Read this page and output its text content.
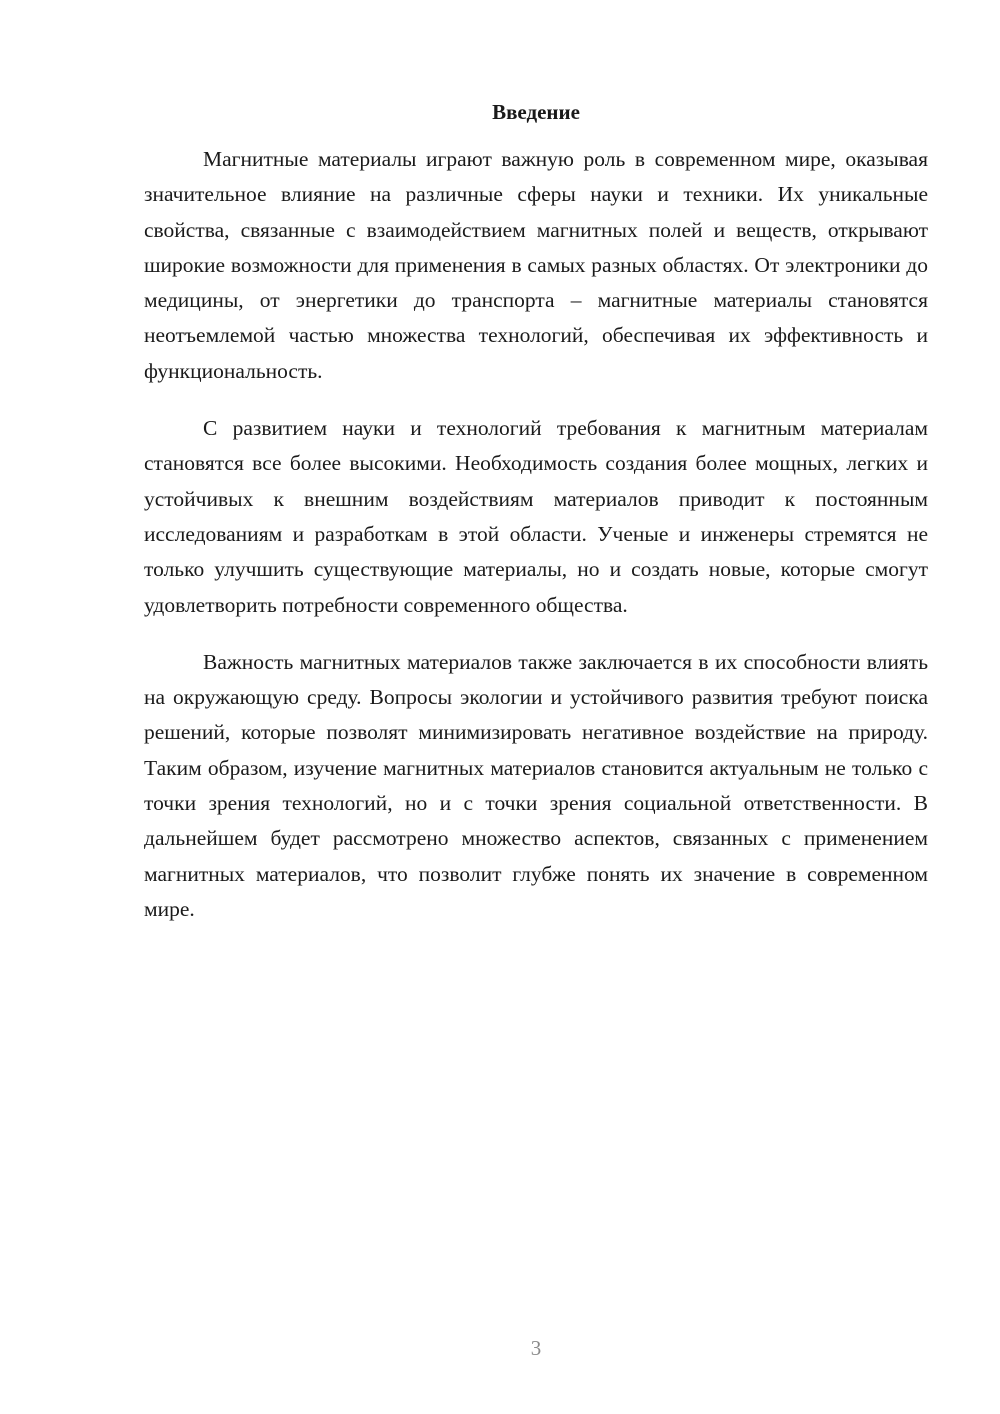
Введение

Магнитные материалы играют важную роль в современном мире, оказывая значительное влияние на различные сферы науки и техники. Их уникальные свойства, связанные с взаимодействием магнитных полей и веществ, открывают широкие возможности для применения в самых разных областях. От электроники до медицины, от энергетики до транспорта – магнитные материалы становятся неотъемлемой частью множества технологий, обеспечивая их эффективность и функциональность.

С развитием науки и технологий требования к магнитным материалам становятся все более высокими. Необходимость создания более мощных, легких и устойчивых к внешним воздействиям материалов приводит к постоянным исследованиям и разработкам в этой области. Ученые и инженеры стремятся не только улучшить существующие материалы, но и создать новые, которые смогут удовлетворить потребности современного общества.

Важность магнитных материалов также заключается в их способности влиять на окружающую среду. Вопросы экологии и устойчивого развития требуют поиска решений, которые позволят минимизировать негативное воздействие на природу. Таким образом, изучение магнитных материалов становится актуальным не только с точки зрения технологий, но и с точки зрения социальной ответственности. В дальнейшем будет рассмотрено множество аспектов, связанных с применением магнитных материалов, что позволит глубже понять их значение в современном мире.

3
